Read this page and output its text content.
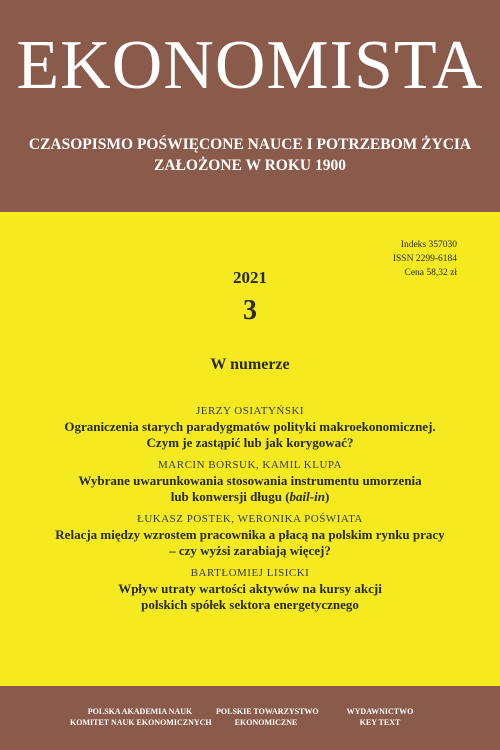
EKONOMISTA
CZASOPISMO POŚWIĘCONE NAUCE I POTRZEBOM ŻYCIA
ZAŁOŻONE W ROKU 1900
Indeks 357030
ISSN 2299-6184
Cena 58,32 zł
2021
3
W numerze
JERZY OSIATYŃSKI
Ograniczenia starych paradygmatów polityki makroekonomicznej.
Czym je zastąpić lub jak korygować?
MARCIN BORSUK, KAMIL KLUPA
Wybrane uwarunkowania stosowania instrumentu umorzenia
lub konwersji długu (bail-in)
ŁUKASZ POSTEK, WERONIKA POŚWIATA
Relacja między wzrostem pracownika a płacą na polskim rynku pracy
– czy wyżsi zarabiają więcej?
BARTŁOMIEJ LISICKI
Wpływ utraty wartości aktywów na kursy akcji
polskich spółek sektora energetycznego
POLSKA AKADEMIA NAUK
KOMITET NAUK EKONOMICZNYCH
POLSKIE TOWARZYSTWO
EKONOMICZNE
WYDAWNICTWO
KEY TEXT
